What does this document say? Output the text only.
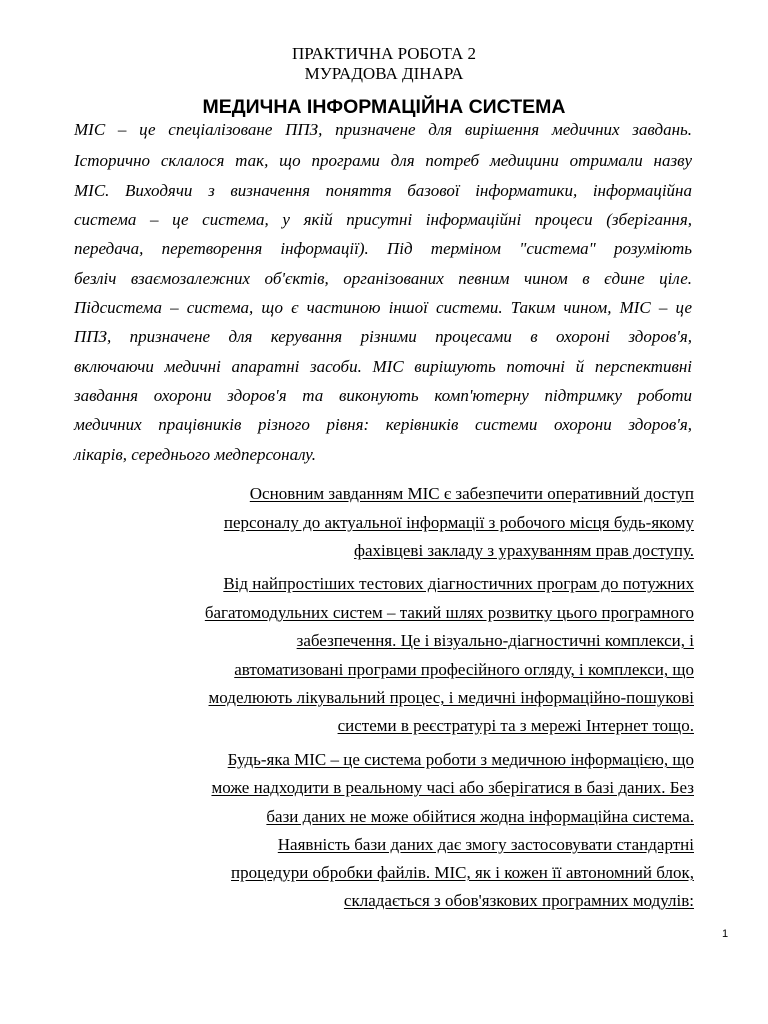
ПРАКТИЧНА РОБОТА 2
МУРАДОВА ДІНАРА
МЕДИЧНА ІНФОРМАЦІЙНА СИСТЕМА
МІС – це спеціалізоване ППЗ, призначене для вирішення медичних завдань.
Історично склалося так, що програми для потреб медицини отримали назву
МІС. Виходячи з визначення поняття базової інформатики, інформаційна
система – це система, у якій присутні інформаційні процеси (зберігання,
передача, перетворення інформації). Під терміном "система" розуміють
безліч взаємозалежних об'єктів, організованих певним чином в єдине ціле.
Підсистема – система, що є частиною іншої системи. Таким чином, МІС – це
ППЗ, призначене для керування різними процесами в охороні здоров'я,
включаючи медичні апаратні засоби. МІС вирішують поточні й перспективні
завдання охорони здоров'я та виконують комп'ютерну підтримку роботи
медичних працівників різного рівня: керівників системи охорони здоров'я,
лікарів, середнього медперсоналу.
Основним завданням МІС є забезпечити оперативний доступ
персоналу до актуальної інформації з робочого місця будь-якому
фахівцеві закладу з урахуванням прав доступу.
Від найпростіших тестових діагностичних програм до потужних
багатомодульних систем – такий шлях розвитку цього програмного
забезпечення. Це і візуально-діагностичні комплекси, і
автоматизовані програми професійного огляду, і комплекси, що
моделюють лікувальний процес, і медичні інформаційно-пошукові
системи в реєстратурі та з мережі Інтернет тощо.
Будь-яка МІС – це система роботи з медичною інформацією, що
може надходити в реальному часі або зберігатися в базі даних. Без
бази даних не може обійтися жодна інформаційна система.
Наявність бази даних дає змогу застосовувати стандартні
процедури обробки файлів. МІС, як і кожен її автономний блок,
складається з обов'язкових програмних модулів:
1
